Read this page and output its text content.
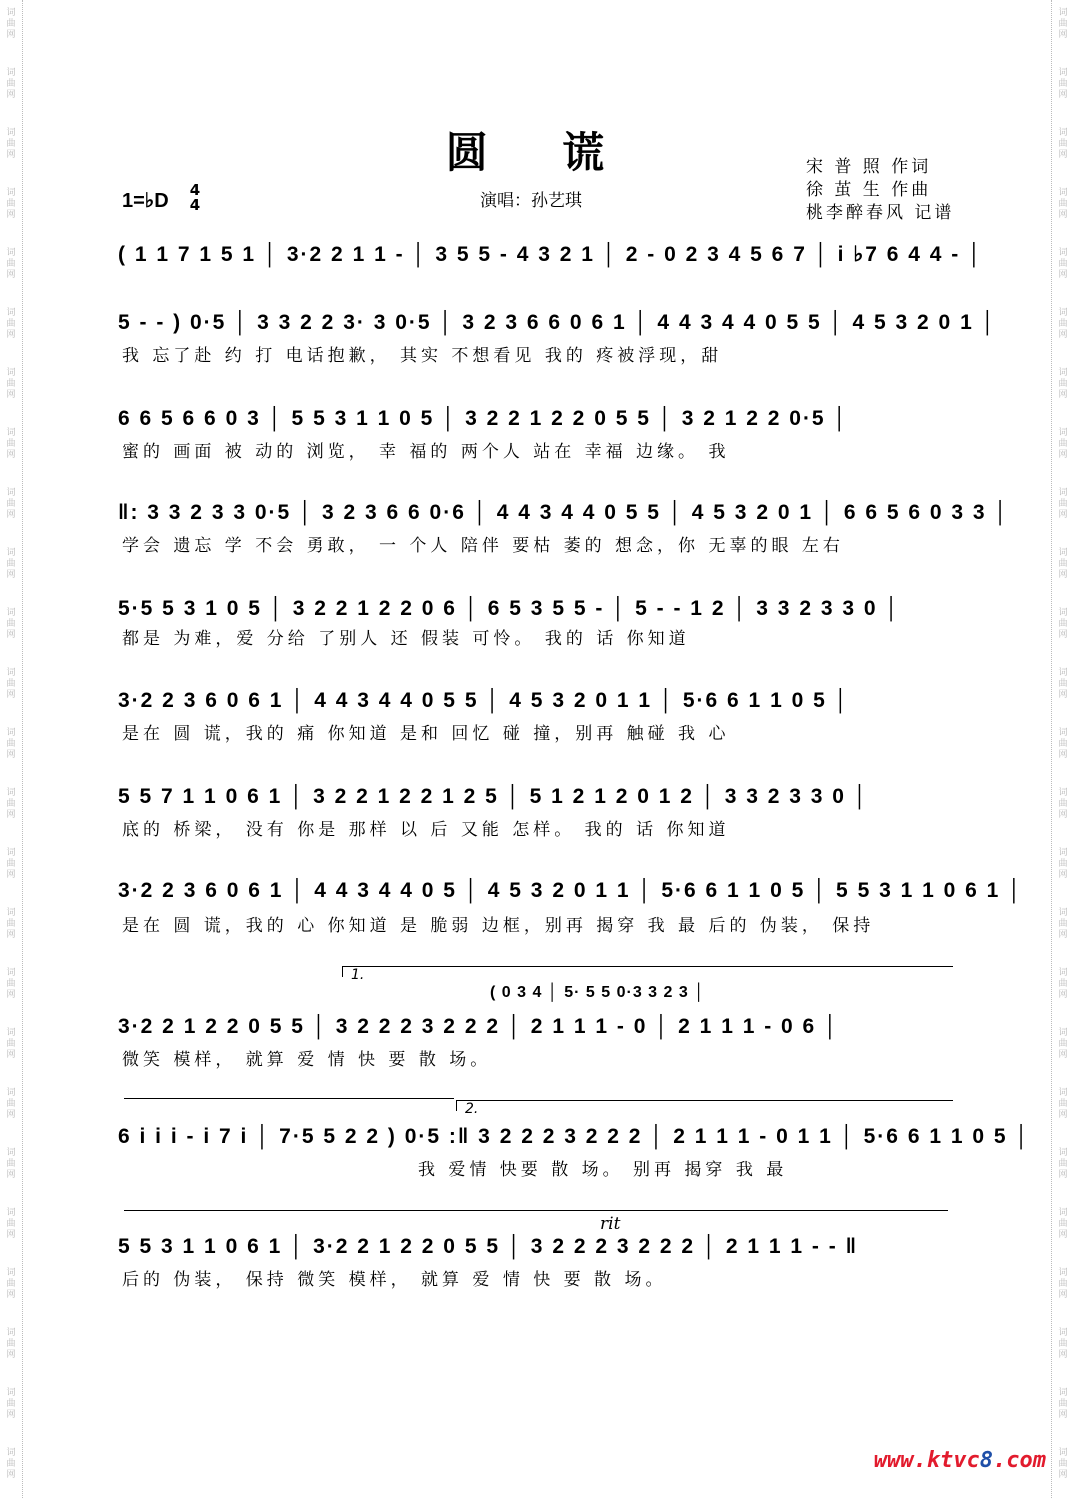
词
曲
网
词
曲
网
词
曲
网
词
曲
网
词
曲
网
词
曲
网
词
曲
网
词
曲
网
词
曲
网
词
曲
网
词
曲
网
词
曲
网
词
曲
网
词
曲
网
词
曲
网
词
曲
网
词
曲
网
词
曲
网
词
曲
网
词
曲
网
词
曲
网
词
曲
网
词
曲
网
词
曲
网
词
曲
网
词
曲
网
词
曲
网
词
曲
网
词
曲
网
词
曲
网
词
曲
网
词
曲
网
词
曲
网
词
曲
网
词
曲
网
词
曲
网
词
曲
网
词
曲
网
词
曲
网
词
曲
网
词
曲
网
词
曲
网
词
曲
网
词
曲
网
词
曲
网
词
曲
网
词
曲
网
词
曲
网
词
曲
网
词
曲
网
圆 谎	宋 普 照 作词
徐 茧 生 作曲
桃李醉春风 记谱
演唱：孙艺琪
1=♭D 4
4
( 1 1 7 1 5 1 │ 3·2 2 1 1 - │ 3 5 5 - 4 3 2 1 │ 2 - 0 2 3 4 5 6 7 │ i ♭7 6 4 4 - │
5 - - ) 0·5 │ 3 3 2 2 3· 3 0·5 │ 3 2 3 6 6 0 6 1 │ 4 4 3 4 4 0 5 5 │ 4 5 3 2 0 1 │
我 忘了赴 约 打 电话抱歉， 其实 不想看见 我的 疼被浮现，甜
6 6 5 6 6 0 3 │ 5 5 3 1 1 0 5 │ 3 2 2 1 2 2 0 5 5 │ 3 2 1 2 2 0·5 │
蜜的 画面 被 动的 浏览， 幸 福的 两个人 站在 幸福 边缘。 我
‖: 3 3 2 3 3 0·5 │ 3 2 3 6 6 0·6 │ 4 4 3 4 4 0 5 5 │ 4 5 3 2 0 1 │ 6 6 5 6 0 3 3 │
学会 遗忘 学 不会 勇敢， 一 个人 陪伴 要枯 萎的 想念，你 无辜的眼 左右
5·5 5 3 1 0 5 │ 3 2 2 1 2 2 0 6 │ 6 5 3 5 5 - │ 5 - - 1 2 │ 3 3 2 3 3 0 │
都是 为难，爱 分给 了别人 还 假装 可怜。 我的 话 你知道
3·2 2 3 6 0 6 1 │ 4 4 3 4 4 0 5 5 │ 4 5 3 2 0 1 1 │ 5·6 6 1 1 0 5 │
是在 圆 谎，我的 痛 你知道 是和 回忆 碰 撞，别再 触碰 我 心
5 5 7 1 1 0 6 1 │ 3 2 2 1 2 2 1 2 5 │ 5 1 2 1 2 0 1 2 │ 3 3 2 3 3 0 │
底的 桥梁， 没有 你是 那样 以 后 又能 怎样。 我的 话 你知道
3·2 2 3 6 0 6 1 │ 4 4 3 4 4 0 5 │ 4 5 3 2 0 1 1 │ 5·6 6 1 1 0 5 │ 5 5 3 1 1 0 6 1 │
是在 圆 谎，我的 心 你知道 是 脆弱 边框，别再 揭穿 我 最 后的 伪装， 保持
1.
( 0 3 4 │ 5· 5 5 0·3 3 2 3 │
3·2 2 1 2 2 0 5 5 │ 3 2 2 2 3 2 2 2 │ 2 1 1 1 - 0 │ 2 1 1 1 - 0 6 │
微笑 模样， 就算 爱 情 快 要 散 场。
2.
6 i i i - i 7 i │ 7·5 5 2 2 ) 0·5 :‖ 3 2 2 2 3 2 2 2 │ 2 1 1 1 - 0 1 1 │ 5·6 6 1 1 0 5 │
我 爱情 快要 散 场。 别再 揭穿 我 最
rit
5 5 3 1 1 0 6 1 │ 3·2 2 1 2 2 0 5 5 │ 3 2 2 2 3 2 2 2 │ 2 1 1 1 - - ‖
后的 伪装， 保持 微笑 模样， 就算 爱 情 快 要 散 场。
www.ktvc8.com
